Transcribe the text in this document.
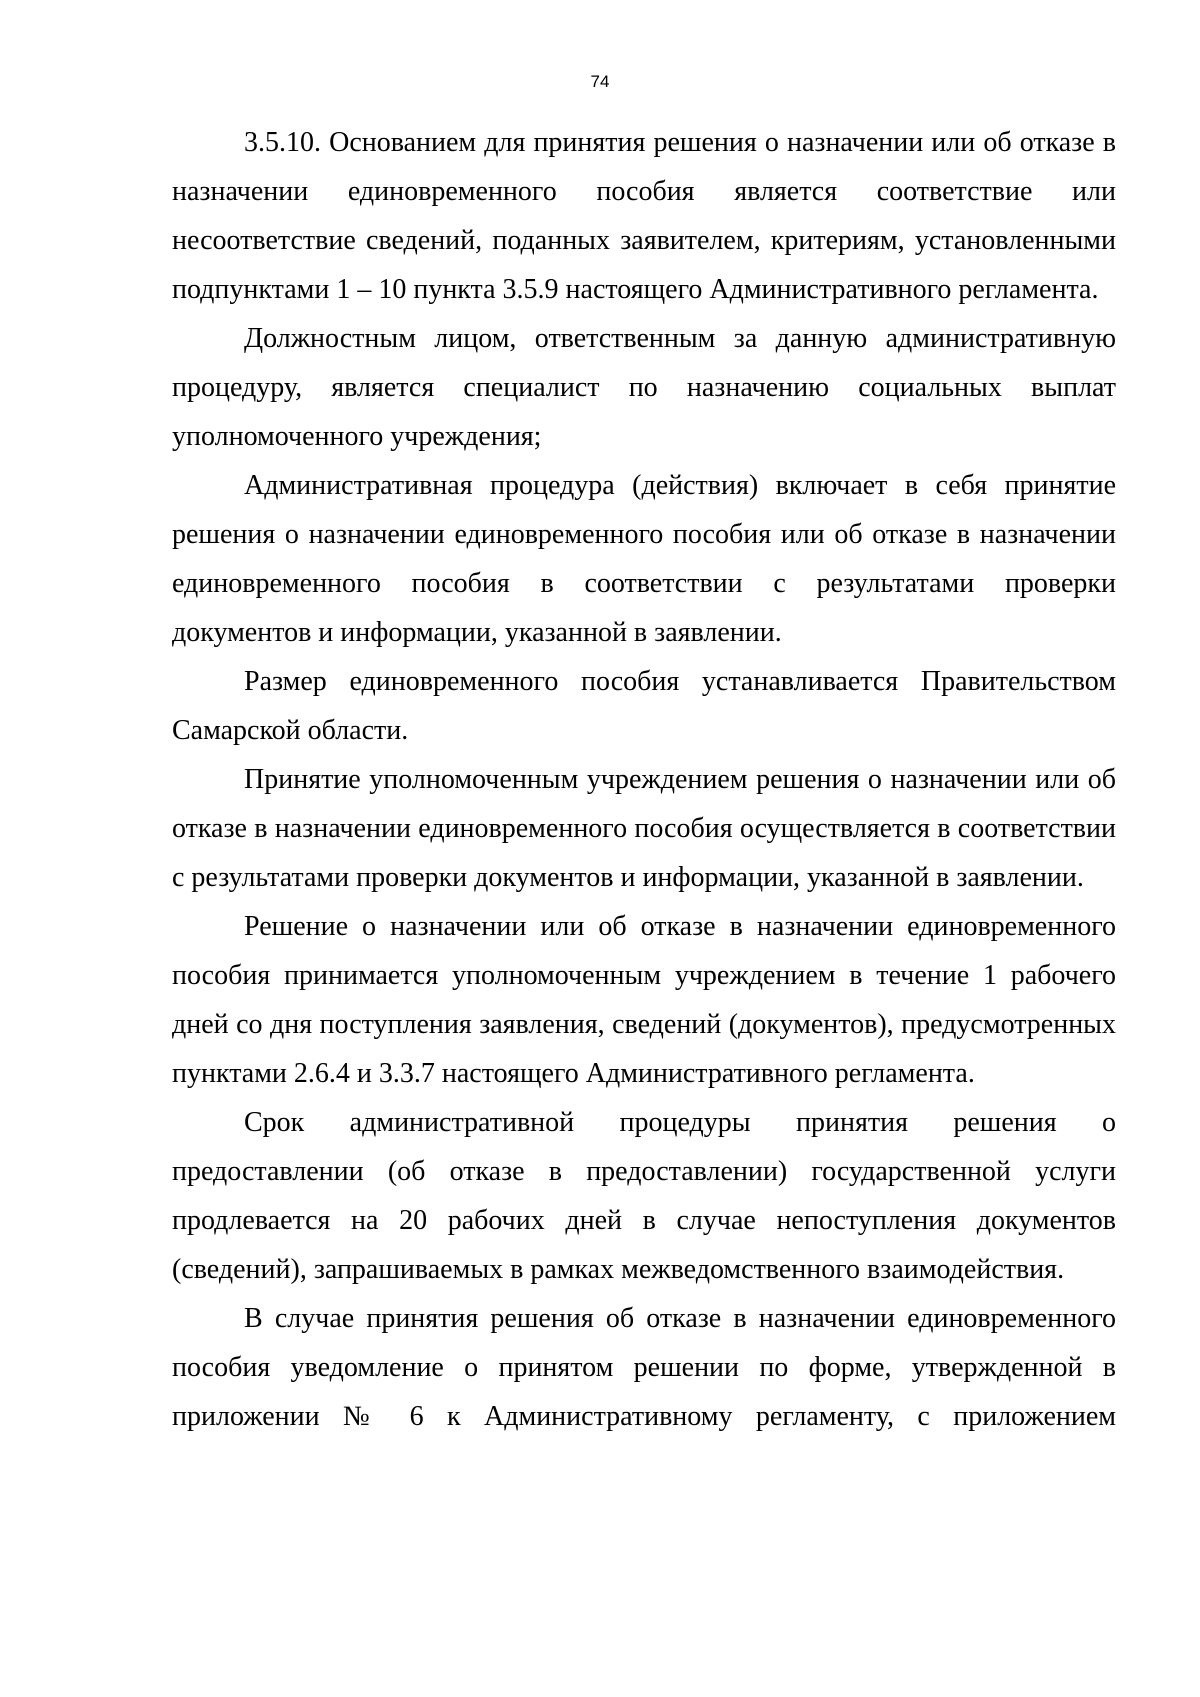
74

3.5.10. Основанием для принятия решения о назначении или об отказе в назначении единовременного пособия является соответствие или несоответствие сведений, поданных заявителем, критериям, установленными подпунктами 1 – 10 пункта 3.5.9 настоящего Административного регламента.

Должностным лицом, ответственным за данную административную процедуру, является специалист по назначению социальных выплат уполномоченного учреждения;

Административная процедура (действия) включает в себя принятие решения о назначении единовременного пособия или об отказе в назначении единовременного пособия в соответствии с результатами проверки документов и информации, указанной в заявлении.

Размер единовременного пособия устанавливается Правительством Самарской области.

Принятие уполномоченным учреждением решения о назначении или об отказе в назначении единовременного пособия осуществляется в соответствии с результатами проверки документов и информации, указанной в заявлении.

Решение о назначении или об отказе в назначении единовременного пособия принимается уполномоченным учреждением в течение 1 рабочего дней со дня поступления заявления, сведений (документов), предусмотренных пунктами 2.6.4 и 3.3.7 настоящего Административного регламента.

Срок административной процедуры принятия решения о предоставлении (об отказе в предоставлении) государственной услуги продлевается на 20 рабочих дней в случае непоступления документов (сведений), запрашиваемых в рамках межведомственного взаимодействия.

В случае принятия решения об отказе в назначении единовременного пособия уведомление о принятом решении по форме, утвержденной в приложении № 6 к Административному регламенту, с приложением
